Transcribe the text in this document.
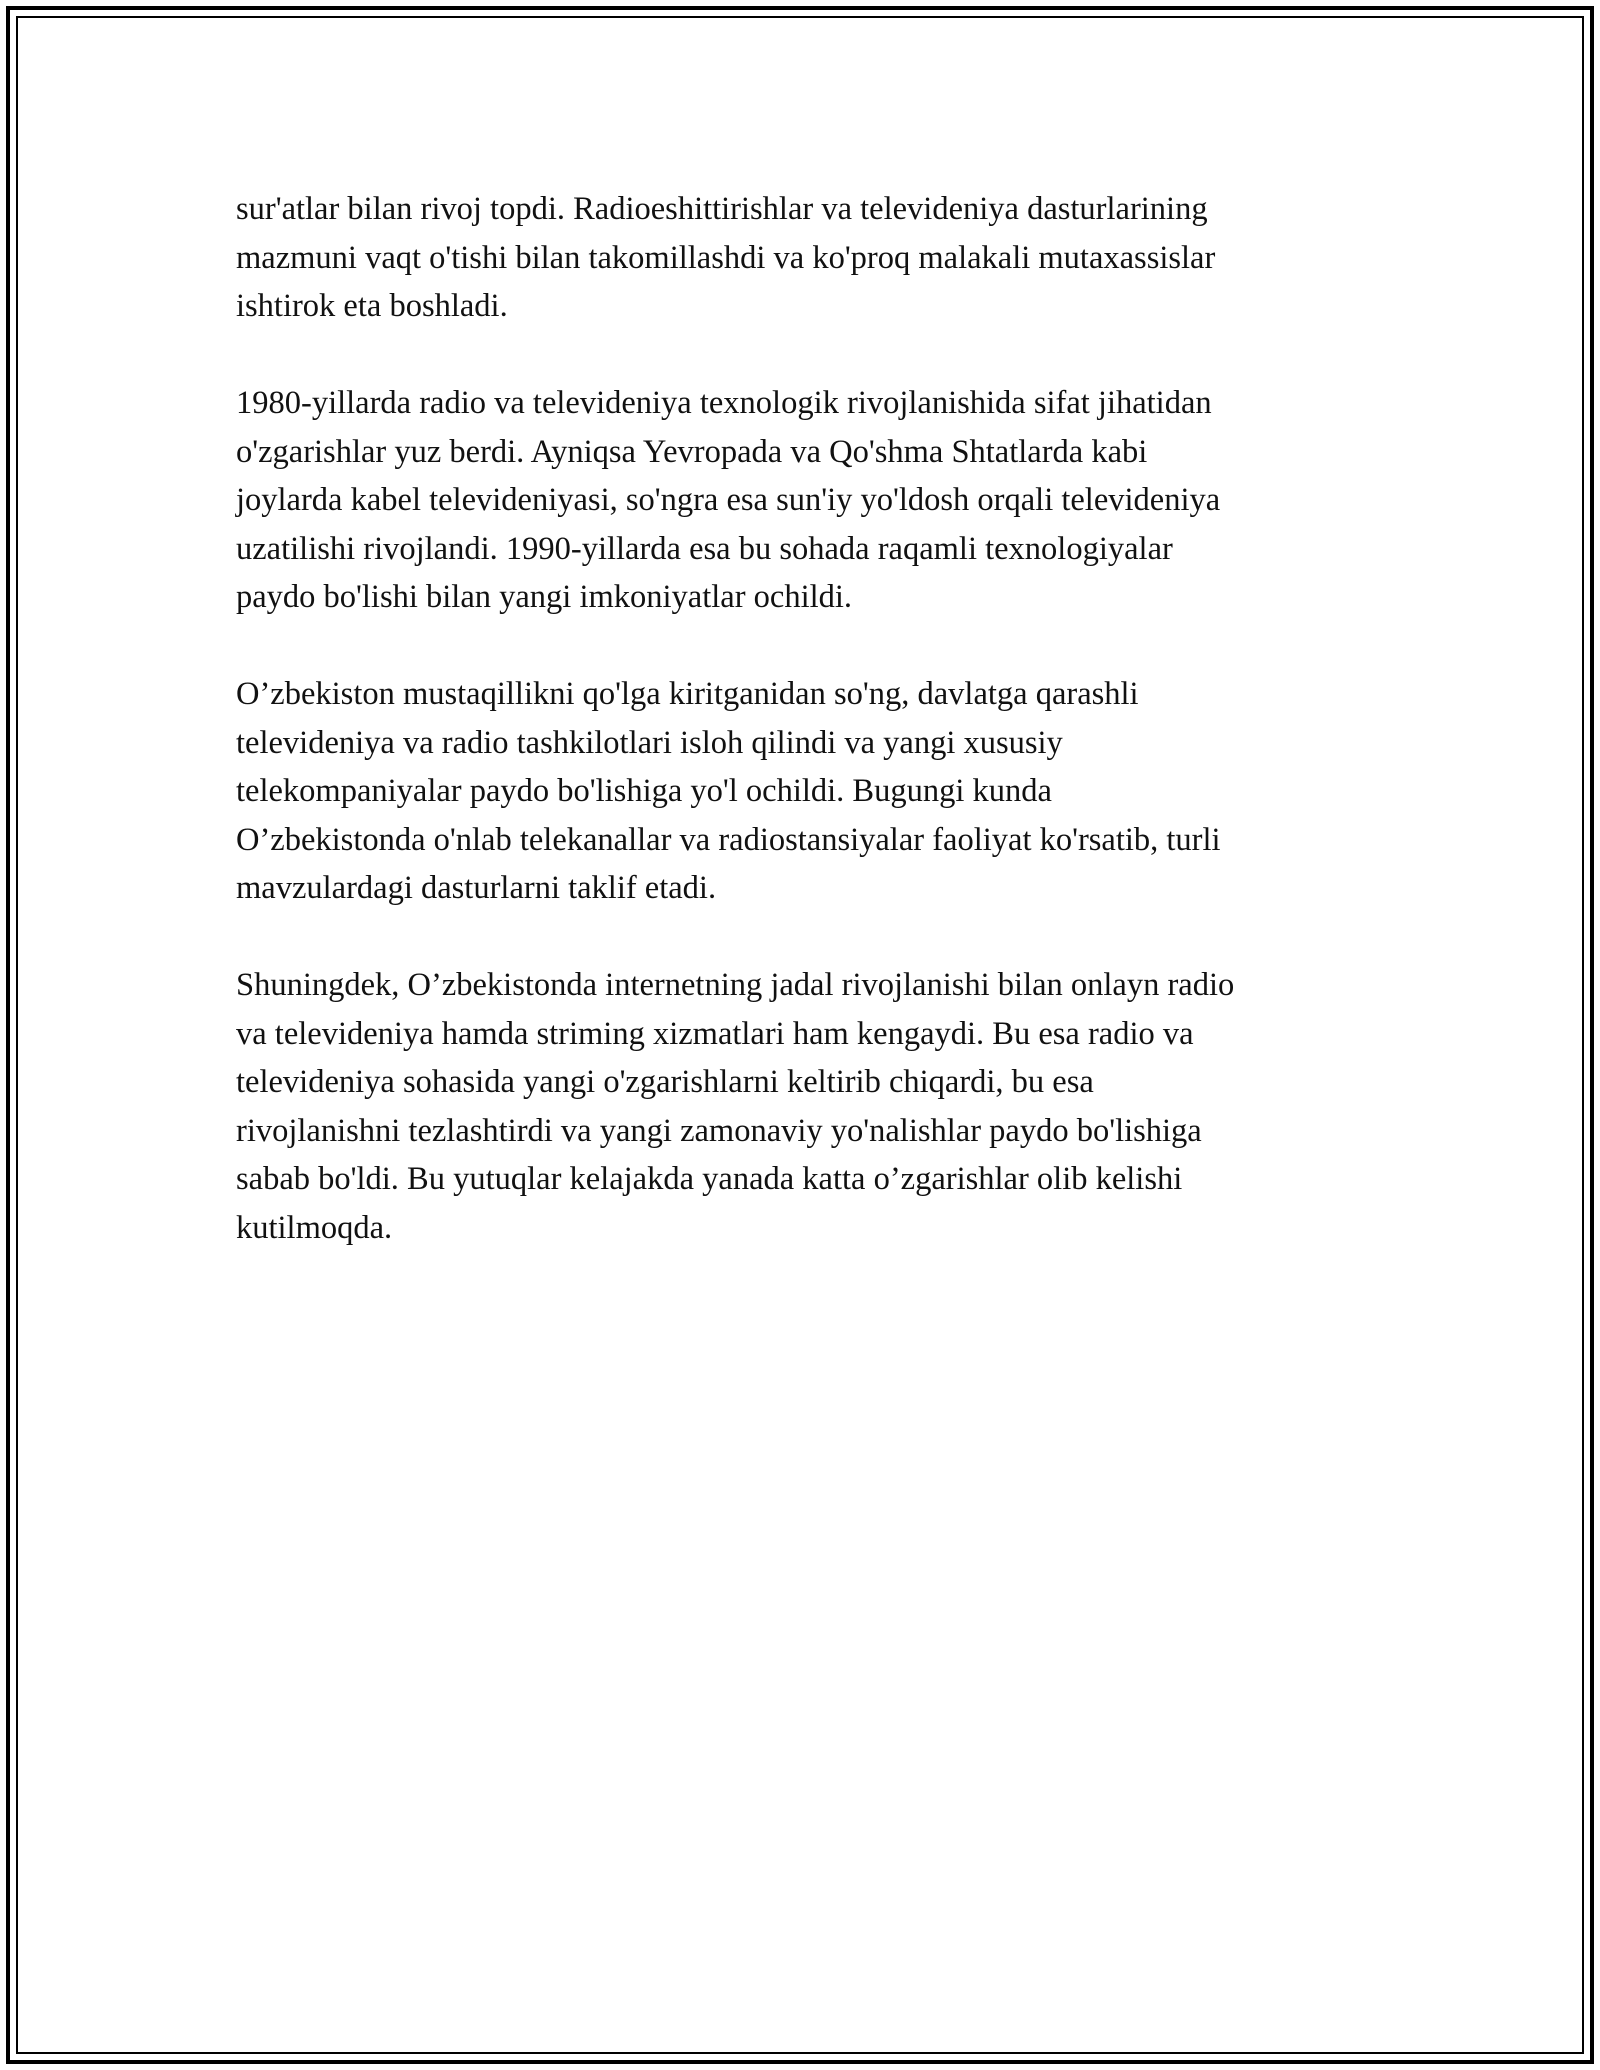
sur'atlar bilan rivoj topdi. Radioeshittirishlar va televideniya dasturlarining
mazmuni vaqt o'tishi bilan takomillashdi va ko'proq malakali mutaxassislar
ishtirok eta boshladi.

1980-yillarda radio va televideniya texnologik rivojlanishida sifat jihatidan
o'zgarishlar yuz berdi. Ayniqsa Yevropada va Qo'shma Shtatlarda kabi
joylarda kabel televideniyasi, so'ngra esa sun'iy yo'ldosh orqali televideniya
uzatilishi rivojlandi. 1990-yillarda esa bu sohada raqamli texnologiyalar
paydo bo'lishi bilan yangi imkoniyatlar ochildi.

O’zbekiston mustaqillikni qo'lga kiritganidan so'ng, davlatga qarashli
televideniya va radio tashkilotlari isloh qilindi va yangi xususiy
telekompaniyalar paydo bo'lishiga yo'l ochildi. Bugungi kunda
O’zbekistonda o'nlab telekanallar va radiostansiyalar faoliyat ko'rsatib, turli
mavzulardagi dasturlarni taklif etadi.

Shuningdek, O’zbekistonda internetning jadal rivojlanishi bilan onlayn radio
va televideniya hamda striming xizmatlari ham kengaydi. Bu esa radio va
televideniya sohasida yangi o'zgarishlarni keltirib chiqardi, bu esa
rivojlanishni tezlashtirdi va yangi zamonaviy yo'nalishlar paydo bo'lishiga
sabab bo'ldi. Bu yutuqlar kelajakda yanada katta o’zgarishlar olib kelishi
kutilmoqda.
